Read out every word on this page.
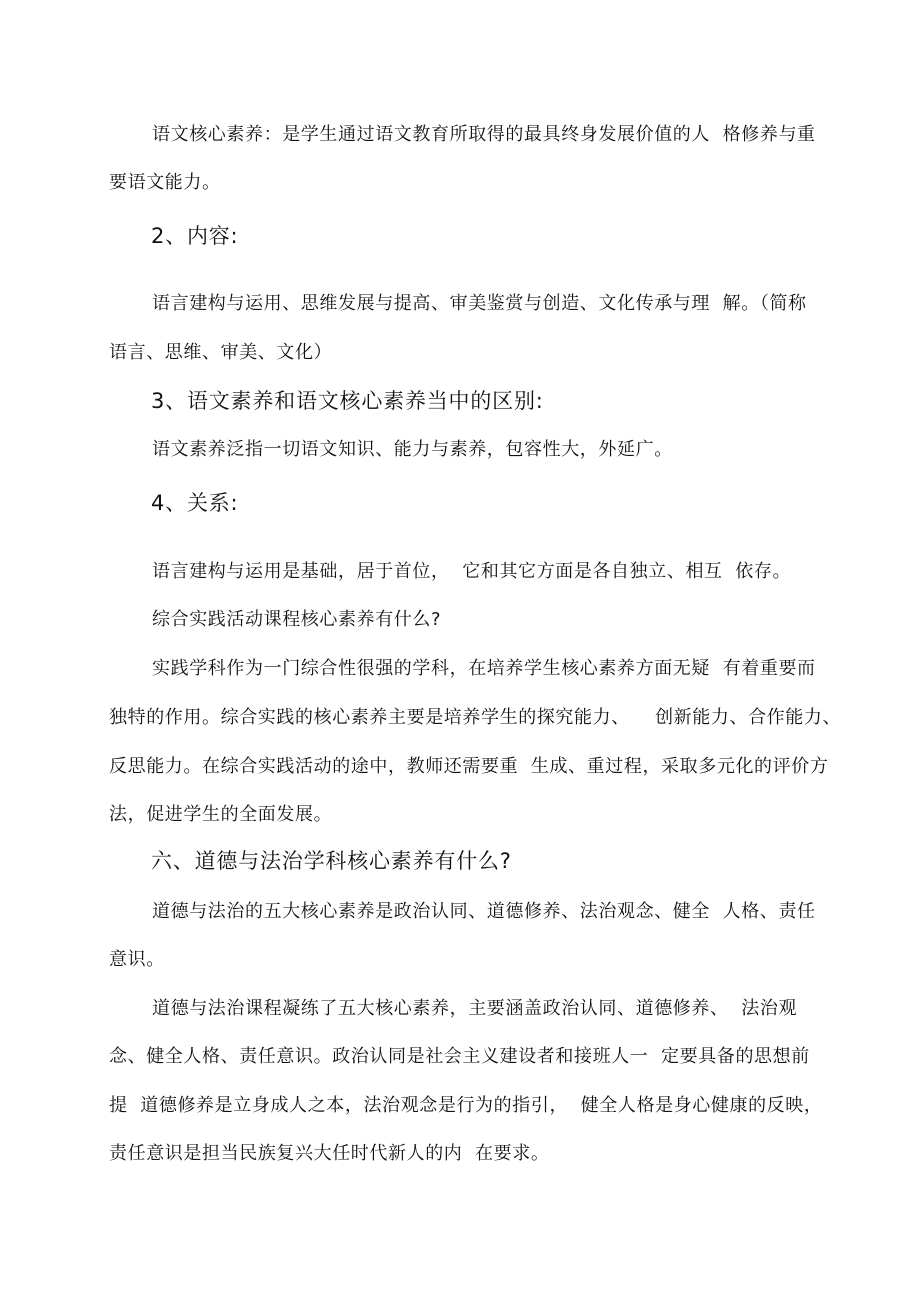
语文核心素养：是学生通过语文教育所取得的最具终身发展价值的人  格修养与重
要语文能力。
2、内容:
语言建构与运用、思维发展与提高、审美鉴赏与创造、文化传承与理  解。（简称
语言、思维、审美、文化）
3、语文素养和语文核心素养当中的区别:
语文素养泛指一切语文知识、能力与素养，包容性大，外延广。
4、关系:
语言建构与运用是基础，居于首位，  它和其它方面是各自独立、相互  依存。
综合实践活动课程核心素养有什么?
实践学科作为一门综合性很强的学科，在培养学生核心素养方面无疑  有着重要而
独特的作用。综合实践的核心素养主要是培养学生的探究能力、    创新能力、合作能力、
反思能力。在综合实践活动的途中，教师还需要重  生成、重过程，采取多元化的评价方
法，促进学生的全面发展。
六、道德与法治学科核心素养有什么?
道德与法治的五大核心素养是政治认同、道德修养、法治观念、健全  人格、责任
意识。
道德与法治课程凝练了五大核心素养，主要涵盖政治认同、道德修养、  法治观
念、健全人格、责任意识。政治认同是社会主义建设者和接班人一  定要具备的思想前
提  道德修养是立身成人之本，法治观念是行为的指引，  健全人格是身心健康的反映，
责任意识是担当民族复兴大任时代新人的内  在要求。
